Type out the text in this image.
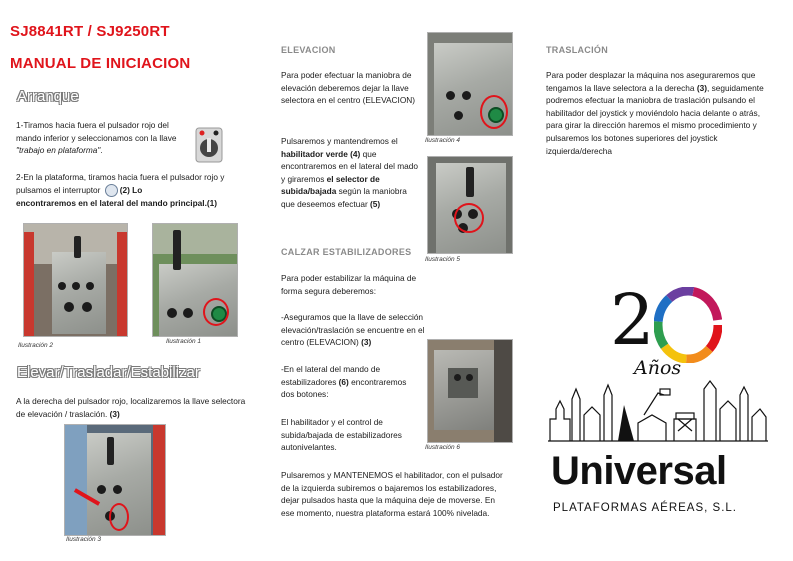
SJ8841RT / SJ9250RT
MANUAL DE INICIACION
Arranque
1-Tiramos hacia fuera el pulsador rojo del mando inferior y seleccionamos con la llave "trabajo en plataforma".
2-En la plataforma, tiramos hacia fuera el pulsador rojo y pulsamos el interruptor (2) Lo
encontraremos en el lateral del mando principal.(1)
Ilustración 2
Ilustración 1
Elevar/Trasladar/Estabilizar
A la derecha del pulsador rojo, localizaremos la llave selectora de elevación / traslación. (3)
Ilustración 3
ELEVACION
Para poder efectuar la maniobra de elevación deberemos dejar la llave selectora en el centro (ELEVACION)
Pulsaremos y mantendremos el habilitador verde (4) que encontraremos en el lateral del mado y giraremos el selector de subida/bajada según la maniobra que deseemos efectuar (5)
Ilustración 4
Ilustración 5
CALZAR ESTABILIZADORES
Para poder estabilizar la máquina de forma segura deberemos:
-Aseguramos que la llave de selección elevación/traslación se encuentre en el centro (ELEVACION) (3)
-En el lateral del mando de estabilizadores (6) encontraremos dos botones:
El habilitador y el control de subida/bajada de estabilizadores autonivelantes.	Ilustración 6
Pulsaremos y MANTENEMOS el habilitador, con el pulsador de la izquierda subiremos o bajaremos los estabilizadores, dejar pulsados hasta que la máquina deje de moverse. En ese momento, nuestra plataforma estará 100% nivelada.
TRASLACIÓN
Para poder desplazar la máquina nos aseguraremos que tengamos la llave selectora a la derecha (3), seguidamente podremos efectuar la maniobra de traslación pulsando el habilitador del joystick y moviéndolo hacia delante o atrás, para girar la dirección haremos el mismo procedimiento y pulsaremos los botones superiores del joystick izquierda/derecha
2
Años
Universal
PLATAFORMAS AÉREAS, S.L.
